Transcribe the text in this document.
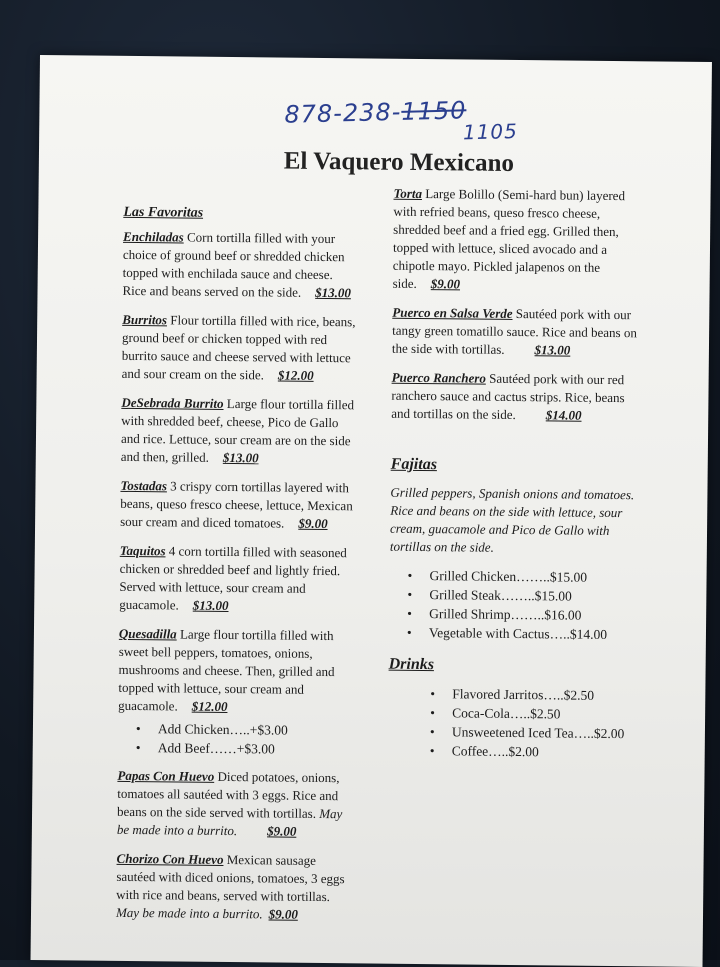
878-238-1150
1105
El Vaquero Mexicano
Las Favoritas
Enchiladas Corn tortilla filled with your choice of ground beef or shredded chicken topped with enchilada sauce and cheese. Rice and beans served on the side. $13.00
Burritos Flour tortilla filled with rice, beans, ground beef or chicken topped with red burrito sauce and cheese served with lettuce and sour cream on the side. $12.00
DeSebrada Burrito Large flour tortilla filled with shredded beef, cheese, Pico de Gallo and rice. Lettuce, sour cream are on the side and then, grilled. $13.00
Tostadas 3 crispy corn tortillas layered with beans, queso fresco cheese, lettuce, Mexican sour cream and diced tomatoes. $9.00
Taquitos 4 corn tortilla filled with seasoned chicken or shredded beef and lightly fried. Served with lettuce, sour cream and guacamole. $13.00
Quesadilla Large flour tortilla filled with sweet bell peppers, tomatoes, onions, mushrooms and cheese. Then, grilled and topped with lettuce, sour cream and guacamole. $12.00
• Add Chicken…..+$3.00
• Add Beef……+$3.00
Papas Con Huevo Diced potatoes, onions, tomatoes all sautéed with 3 eggs. Rice and beans on the side served with tortillas. May be made into a burrito. $9.00
Chorizo Con Huevo Mexican sausage sautéed with diced onions, tomatoes, 3 eggs with rice and beans, served with tortillas. May be made into a burrito. $9.00
Torta Large Bolillo (Semi-hard bun) layered with refried beans, queso fresco cheese, shredded beef and a fried egg. Grilled then, topped with lettuce, sliced avocado and a chipotle mayo. Pickled jalapenos on the side. $9.00
Puerco en Salsa Verde Sautéed pork with our tangy green tomatillo sauce. Rice and beans on the side with tortillas. $13.00
Puerco Ranchero Sautéed pork with our red ranchero sauce and cactus strips. Rice, beans and tortillas on the side. $14.00
Fajitas
Grilled peppers, Spanish onions and tomatoes. Rice and beans on the side with lettuce, sour cream, guacamole and Pico de Gallo with tortillas on the side.
• Grilled Chicken……..$15.00
• Grilled Steak……..$15.00
• Grilled Shrimp……..$16.00
• Vegetable with Cactus…..$14.00
Drinks
• Flavored Jarritos…..$2.50
• Coca-Cola…..$2.50
• Unsweetened Iced Tea…..$2.00
• Coffee…..$2.00
